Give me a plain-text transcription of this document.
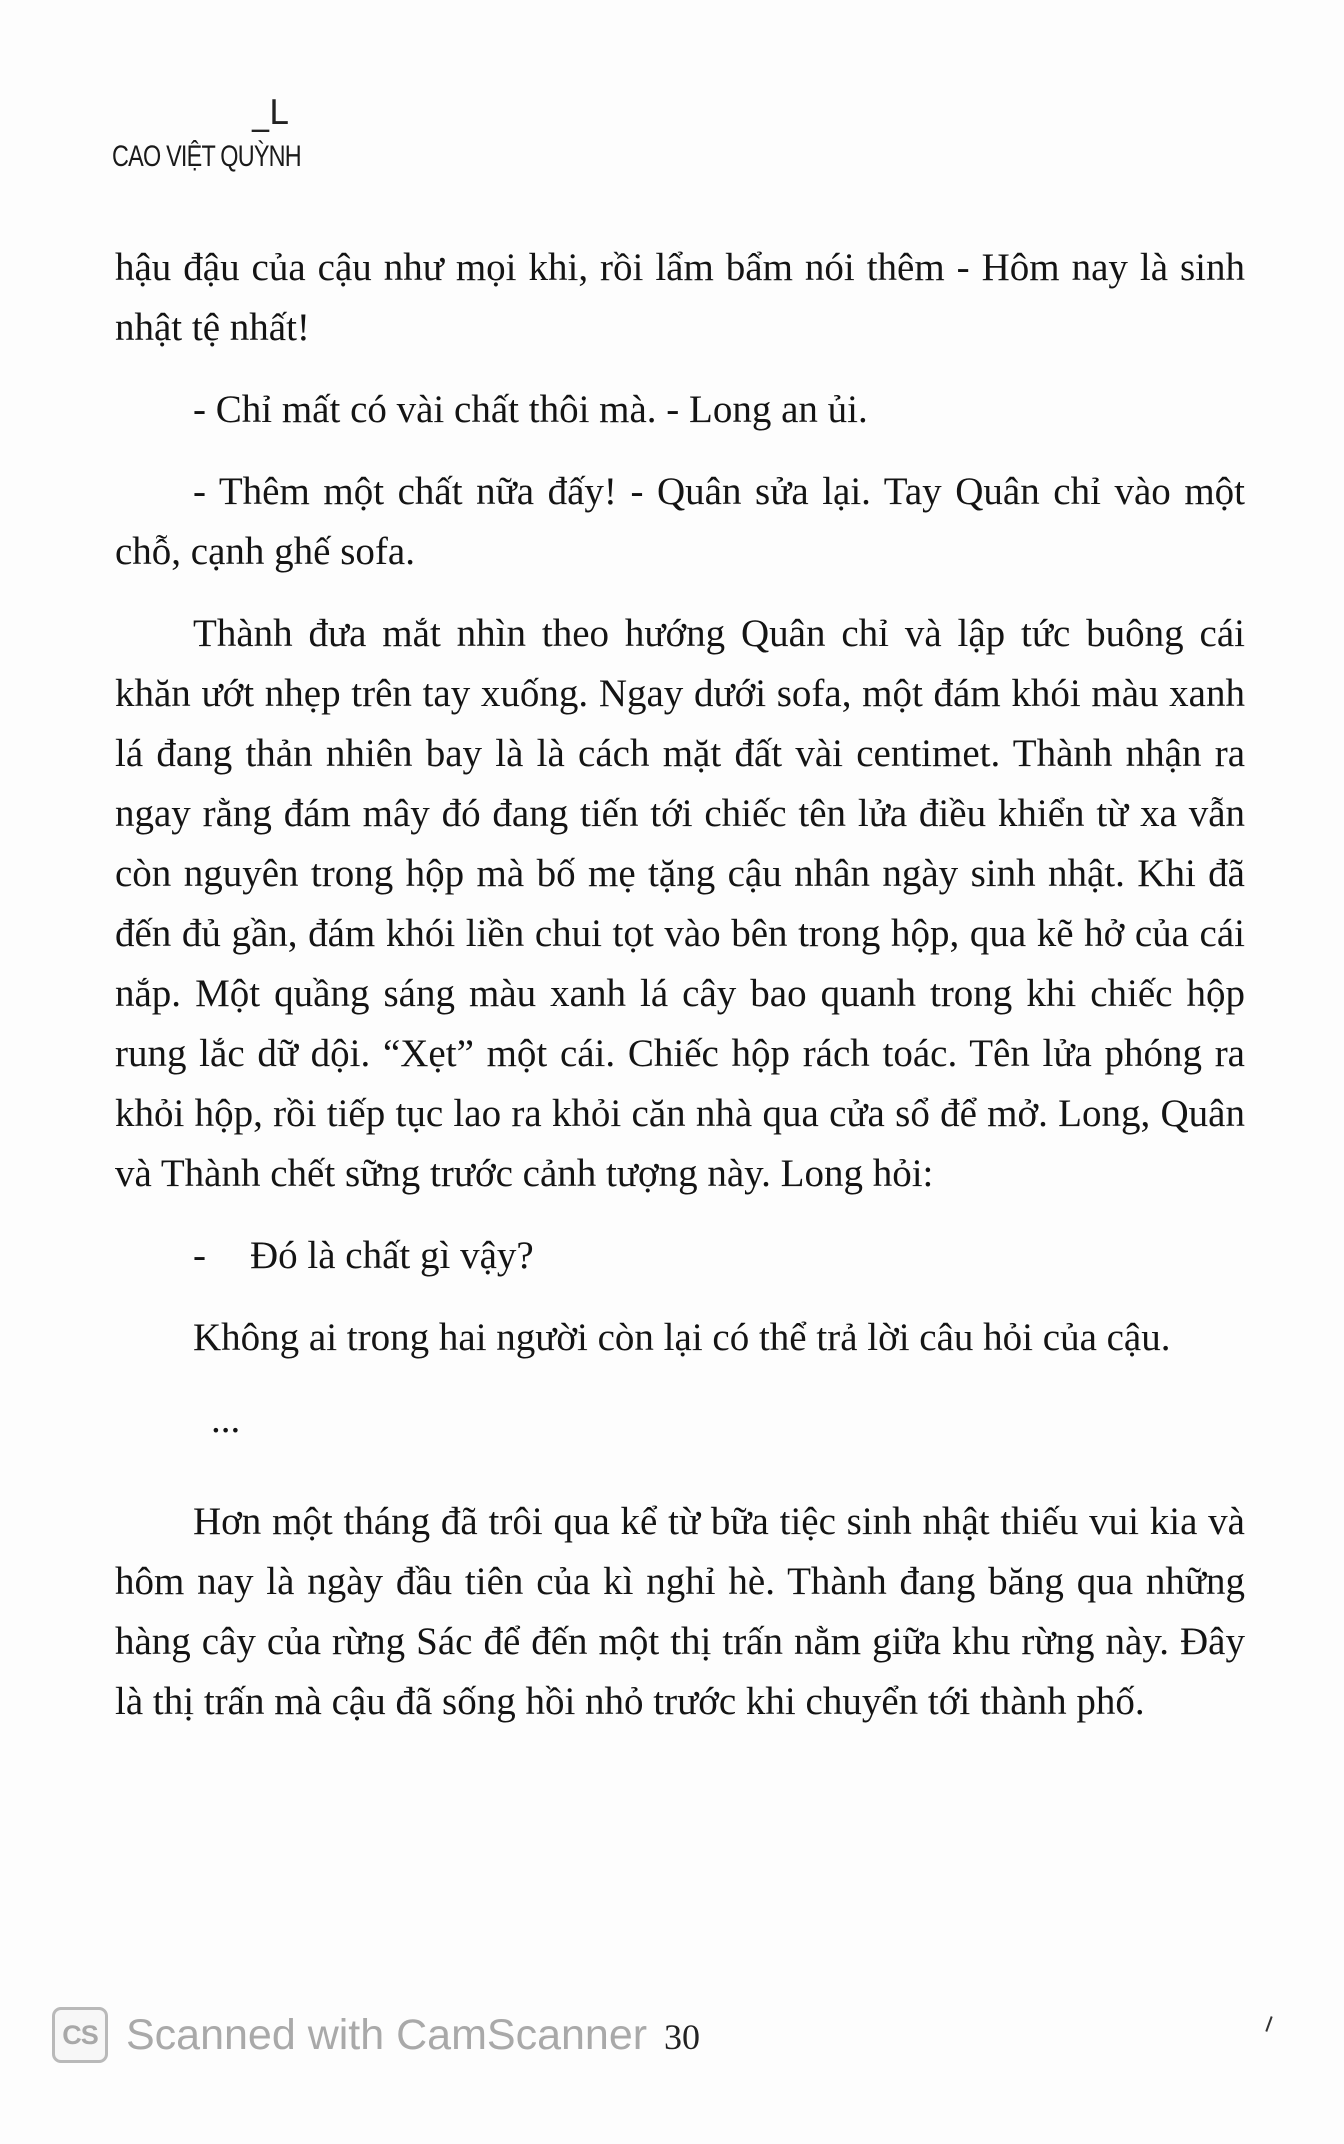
_L
CAO VIỆT QUỲNH

hậu đậu của cậu như mọi khi, rồi lẩm bẩm nói thêm - Hôm nay là sinh nhật tệ nhất!

- Chỉ mất có vài chất thôi mà. - Long an ủi.

- Thêm một chất nữa đấy! - Quân sửa lại. Tay Quân chỉ vào một chỗ, cạnh ghế sofa.

Thành đưa mắt nhìn theo hướng Quân chỉ và lập tức buông cái khăn ướt nhẹp trên tay xuống. Ngay dưới sofa, một đám khói màu xanh lá đang thản nhiên bay là là cách mặt đất vài centimet. Thành nhận ra ngay rằng đám mây đó đang tiến tới chiếc tên lửa điều khiển từ xa vẫn còn nguyên trong hộp mà bố mẹ tặng cậu nhân ngày sinh nhật. Khi đã đến đủ gần, đám khói liền chui tọt vào bên trong hộp, qua kẽ hở của cái nắp. Một quầng sáng màu xanh lá cây bao quanh trong khi chiếc hộp rung lắc dữ dội. “Xẹt” một cái. Chiếc hộp rách toác. Tên lửa phóng ra khỏi hộp, rồi tiếp tục lao ra khỏi căn nhà qua cửa sổ để mở. Long, Quân và Thành chết sững trước cảnh tượng này. Long hỏi:

- Đó là chất gì vậy?

Không ai trong hai người còn lại có thể trả lời câu hỏi của cậu.

...

Hơn một tháng đã trôi qua kể từ bữa tiệc sinh nhật thiếu vui kia và hôm nay là ngày đầu tiên của kì nghỉ hè. Thành đang băng qua những hàng cây của rừng Sác để đến một thị trấn nằm giữa khu rừng này. Đây là thị trấn mà cậu đã sống hồi nhỏ trước khi chuyển tới thành phố.

CS Scanned with CamScanner 30
